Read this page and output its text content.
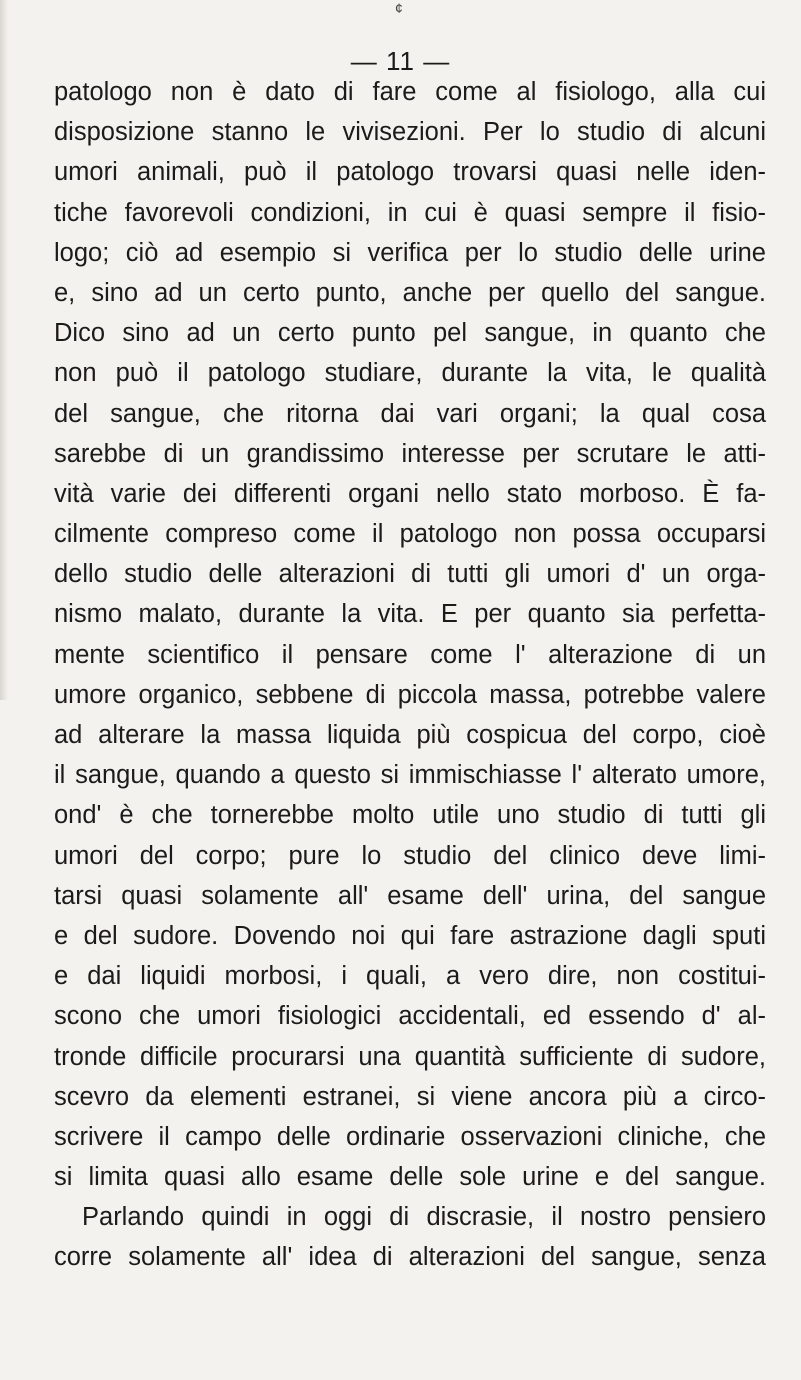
¢
— 11 —
patologo non è dato di fare come al fisiologo, alla cui
disposizione stanno le vivisezioni. Per lo studio di alcuni
umori animali, può il patologo trovarsi quasi nelle iden-
tiche favorevoli condizioni, in cui è quasi sempre il fisio-
logo; ciò ad esempio si verifica per lo studio delle urine
e, sino ad un certo punto, anche per quello del sangue.
Dico sino ad un certo punto pel sangue, in quanto che
non può il patologo studiare, durante la vita, le qualità
del sangue, che ritorna dai vari organi; la qual cosa
sarebbe di un grandissimo interesse per scrutare le atti-
vità varie dei differenti organi nello stato morboso. È fa-
cilmente compreso come il patologo non possa occuparsi
dello studio delle alterazioni di tutti gli umori d' un orga-
nismo malato, durante la vita. E per quanto sia perfetta-
mente scientifico il pensare come l' alterazione di un
umore organico, sebbene di piccola massa, potrebbe valere
ad alterare la massa liquida più cospicua del corpo, cioè
il sangue, quando a questo si immischiasse l' alterato umore,
ond' è che tornerebbe molto utile uno studio di tutti gli
umori del corpo; pure lo studio del clinico deve limi-
tarsi quasi solamente all' esame dell' urina, del sangue
e del sudore. Dovendo noi qui fare astrazione dagli sputi
e dai liquidi morbosi, i quali, a vero dire, non costitui-
scono che umori fisiologici accidentali, ed essendo d' al-
tronde difficile procurarsi una quantità sufficiente di sudore,
scevro da elementi estranei, si viene ancora più a circo-
scrivere il campo delle ordinarie osservazioni cliniche, che
si limita quasi allo esame delle sole urine e del sangue.
Parlando quindi in oggi di discrasie, il nostro pensiero
corre solamente all' idea di alterazioni del sangue, senza
